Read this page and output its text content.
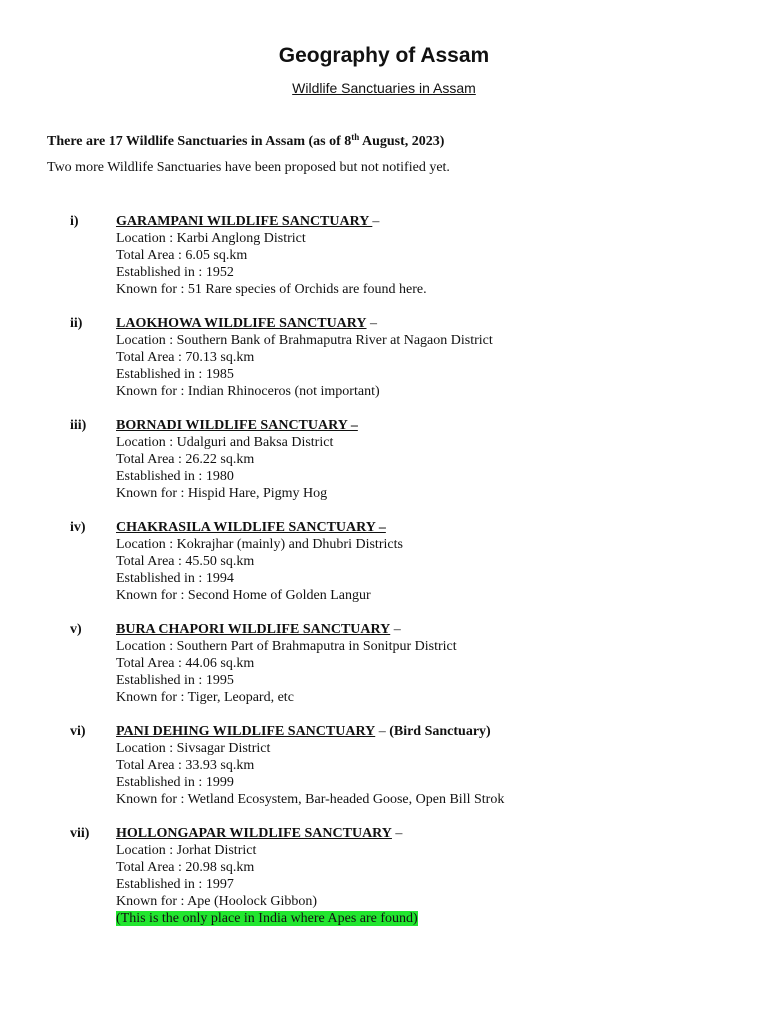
Geography of Assam
Wildlife Sanctuaries in Assam
There are 17 Wildlife Sanctuaries in Assam (as of 8th August, 2023)
Two more Wildlife Sanctuaries have been proposed but not notified yet.
i)	GARAMPANI WILDLIFE SANCTUARY –
Location : Karbi Anglong District
Total Area : 6.05 sq.km
Established in : 1952
Known for : 51 Rare species of Orchids are found here.
ii)	LAOKHOWA WILDLIFE SANCTUARY –
Location : Southern Bank of Brahmaputra River at Nagaon District
Total Area : 70.13 sq.km
Established in : 1985
Known for : Indian Rhinoceros (not important)
iii)	BORNADI WILDLIFE SANCTUARY –
Location : Udalguri and Baksa District
Total Area : 26.22 sq.km
Established in : 1980
Known for : Hispid Hare, Pigmy Hog
iv)	CHAKRASILA WILDLIFE SANCTUARY –
Location : Kokrajhar (mainly) and Dhubri Districts
Total Area : 45.50 sq.km
Established in : 1994
Known for : Second Home of Golden Langur
v)	BURA CHAPORI WILDLIFE SANCTUARY –
Location : Southern Part of Brahmaputra in Sonitpur District
Total Area : 44.06 sq.km
Established in : 1995
Known for : Tiger, Leopard, etc
vi)	PANI DEHING WILDLIFE SANCTUARY – (Bird Sanctuary)
Location : Sivsagar District
Total Area : 33.93 sq.km
Established in : 1999
Known for : Wetland Ecosystem, Bar-headed Goose, Open Bill Strok
vii)	HOLLONGAPAR WILDLIFE SANCTUARY –
Location : Jorhat District
Total Area : 20.98 sq.km
Established in : 1997
Known for : Ape (Hoolock Gibbon)
(This is the only place in India where Apes are found)
